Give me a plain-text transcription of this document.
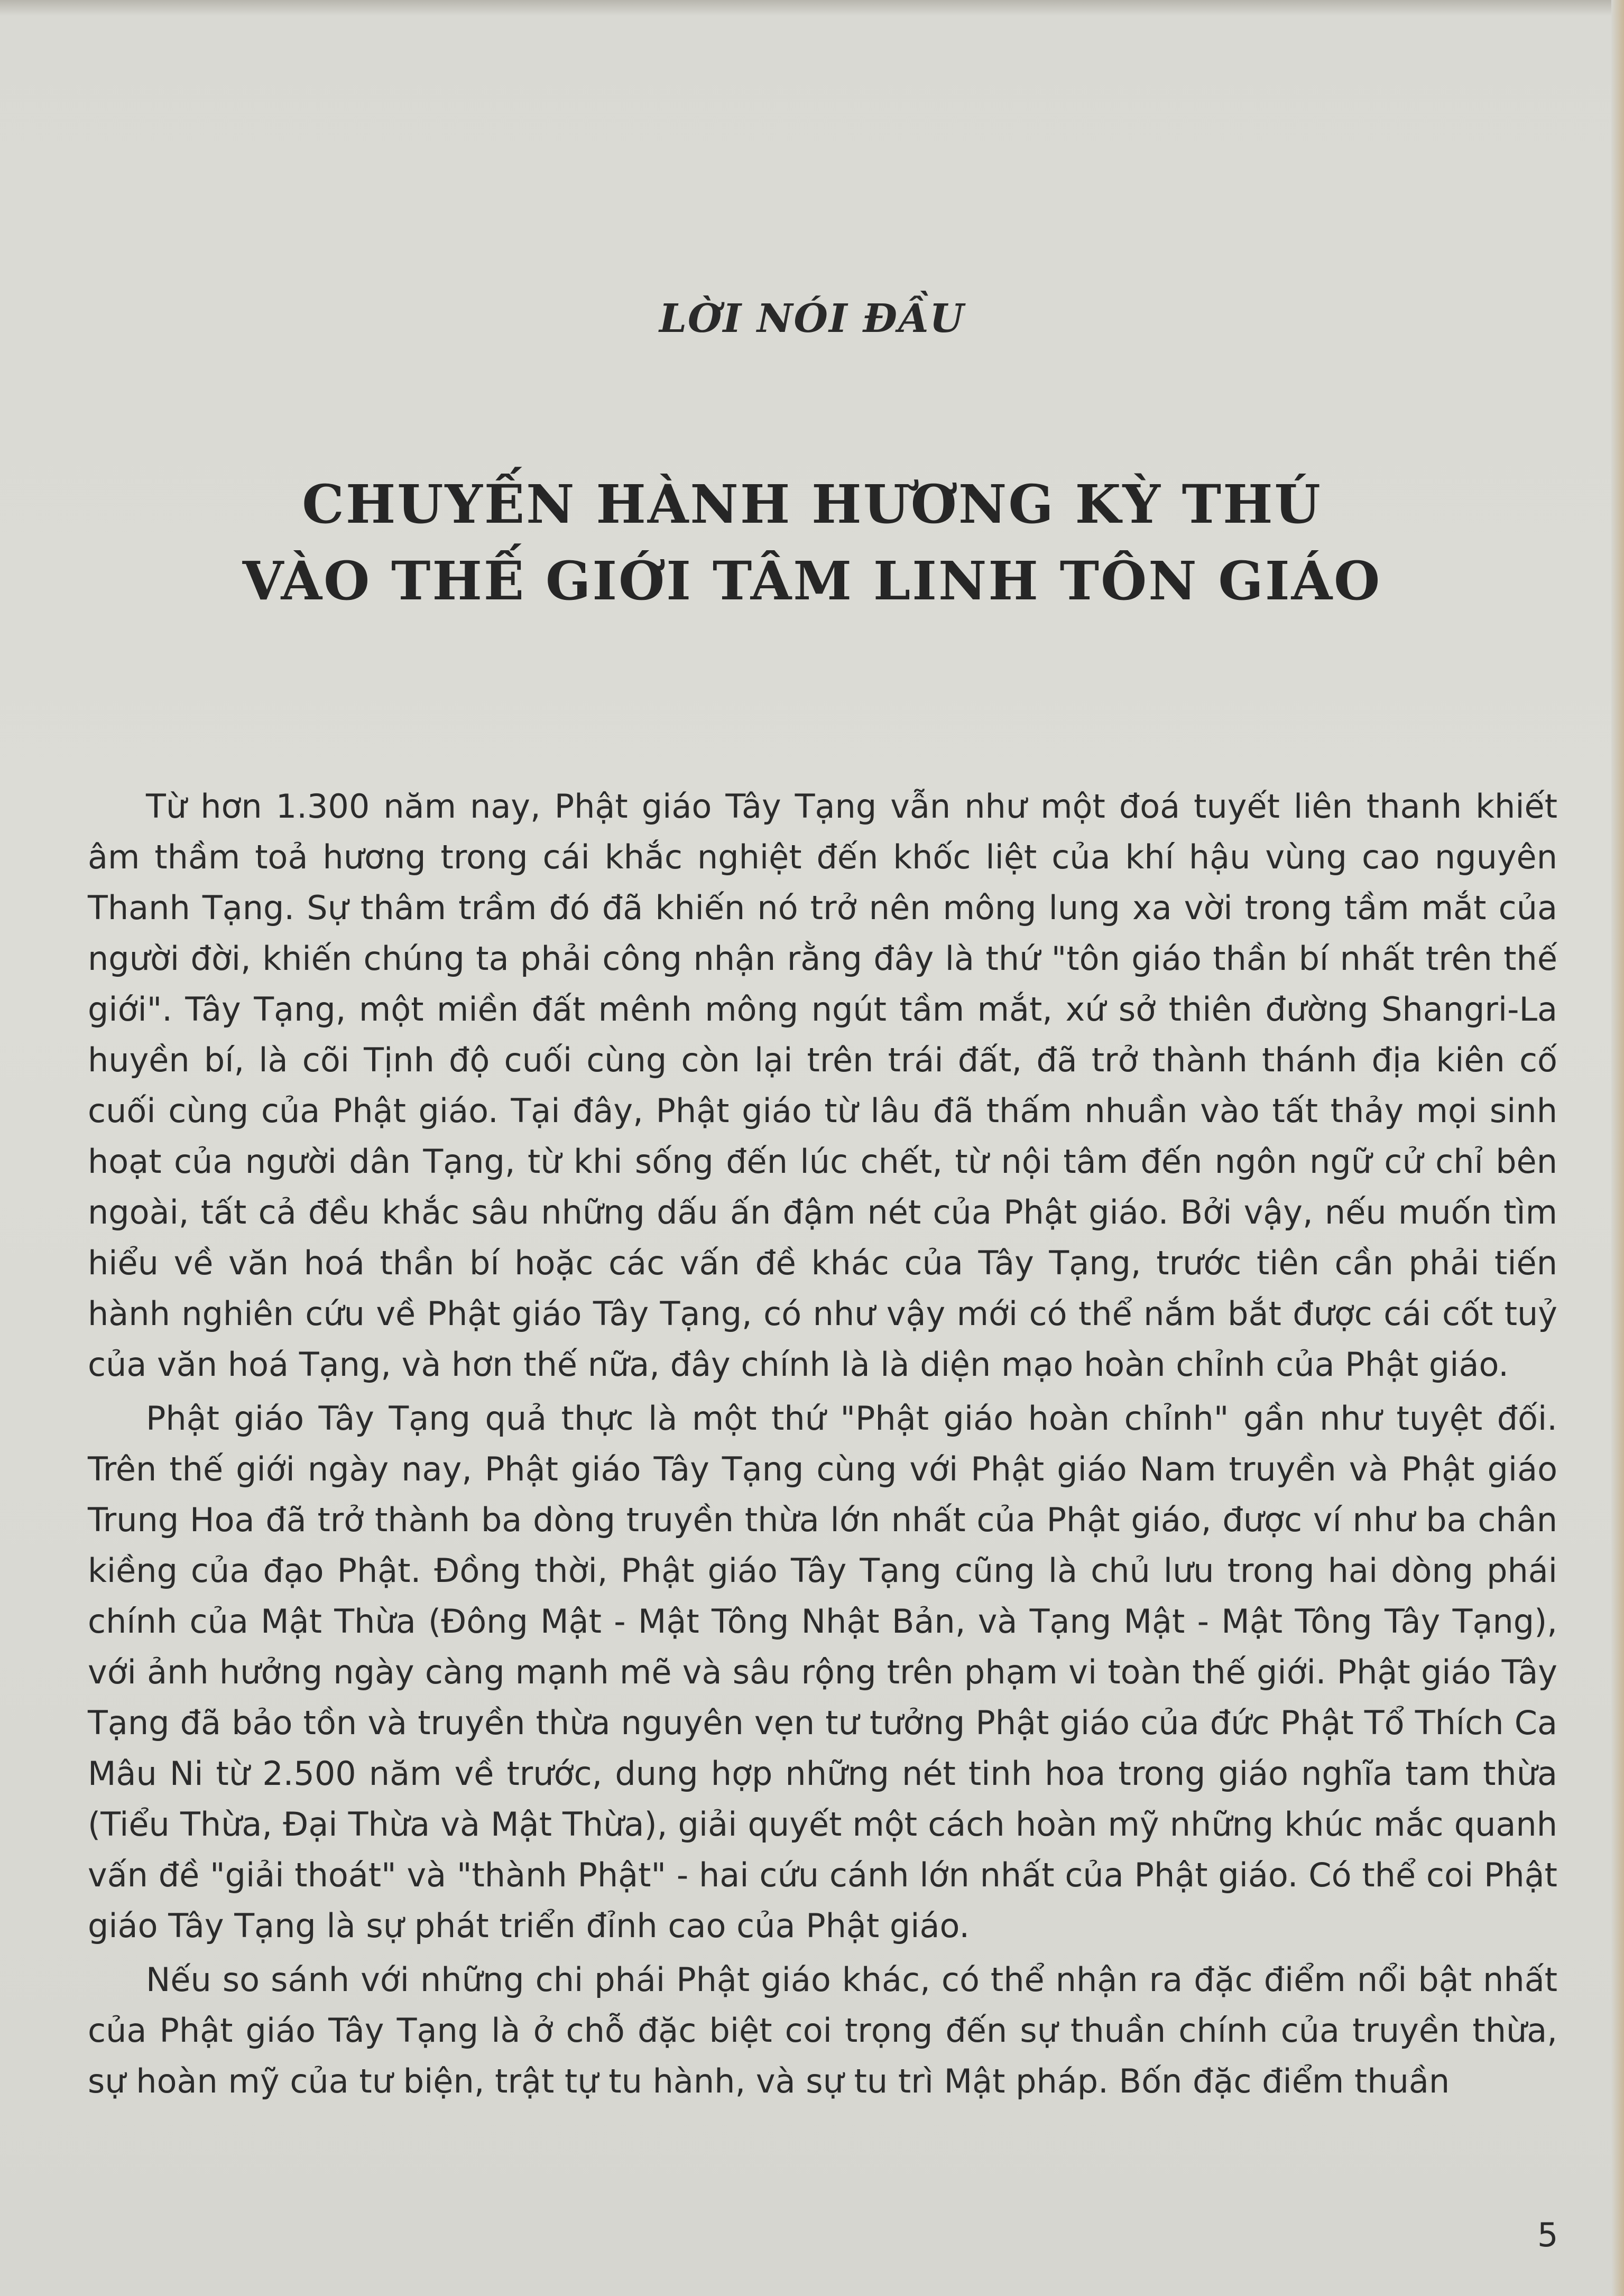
LỜI NÓI ĐẦU
CHUYẾN HÀNH HƯƠNG KỲ THÚ
VÀO THẾ GIỚI TÂM LINH TÔN GIÁO

Từ hơn 1.300 năm nay, Phật giáo Tây Tạng vẫn như một đoá tuyết liên thanh khiết âm thầm toả hương trong cái khắc nghiệt đến khốc liệt của khí hậu vùng cao nguyên Thanh Tạng. Sự thâm trầm đó đã khiến nó trở nên mông lung xa vời trong tầm mắt của người đời, khiến chúng ta phải công nhận rằng đây là thứ "tôn giáo thần bí nhất trên thế giới". Tây Tạng, một miền đất mênh mông ngút tầm mắt, xứ sở thiên đường Shangri-La huyền bí, là cõi Tịnh độ cuối cùng còn lại trên trái đất, đã trở thành thánh địa kiên cố cuối cùng của Phật giáo. Tại đây, Phật giáo từ lâu đã thấm nhuần vào tất thảy mọi sinh hoạt của người dân Tạng, từ khi sống đến lúc chết, từ nội tâm đến ngôn ngữ cử chỉ bên ngoài, tất cả đều khắc sâu những dấu ấn đậm nét của Phật giáo. Bởi vậy, nếu muốn tìm hiểu về văn hoá thần bí hoặc các vấn đề khác của Tây Tạng, trước tiên cần phải tiến hành nghiên cứu về Phật giáo Tây Tạng, có như vậy mới có thể nắm bắt được cái cốt tuỷ của văn hoá Tạng, và hơn thế nữa, đây chính là là diện mạo hoàn chỉnh của Phật giáo.

Phật giáo Tây Tạng quả thực là một thứ "Phật giáo hoàn chỉnh" gần như tuyệt đối. Trên thế giới ngày nay, Phật giáo Tây Tạng cùng với Phật giáo Nam truyền và Phật giáo Trung Hoa đã trở thành ba dòng truyền thừa lớn nhất của Phật giáo, được ví như ba chân kiềng của đạo Phật. Đồng thời, Phật giáo Tây Tạng cũng là chủ lưu trong hai dòng phái chính của Mật Thừa (Đông Mật - Mật Tông Nhật Bản, và Tạng Mật - Mật Tông Tây Tạng), với ảnh hưởng ngày càng mạnh mẽ và sâu rộng trên phạm vi toàn thế giới. Phật giáo Tây Tạng đã bảo tồn và truyền thừa nguyên vẹn tư tưởng Phật giáo của đức Phật Tổ Thích Ca Mâu Ni từ 2.500 năm về trước, dung hợp những nét tinh hoa trong giáo nghĩa tam thừa (Tiểu Thừa, Đại Thừa và Mật Thừa), giải quyết một cách hoàn mỹ những khúc mắc quanh vấn đề "giải thoát" và "thành Phật" - hai cứu cánh lớn nhất của Phật giáo. Có thể coi Phật giáo Tây Tạng là sự phát triển đỉnh cao của Phật giáo.

Nếu so sánh với những chi phái Phật giáo khác, có thể nhận ra đặc điểm nổi bật nhất của Phật giáo Tây Tạng là ở chỗ đặc biệt coi trọng đến sự thuần chính của truyền thừa, sự hoàn mỹ của tư biện, trật tự tu hành, và sự tu trì Mật pháp. Bốn đặc điểm thuần

5
